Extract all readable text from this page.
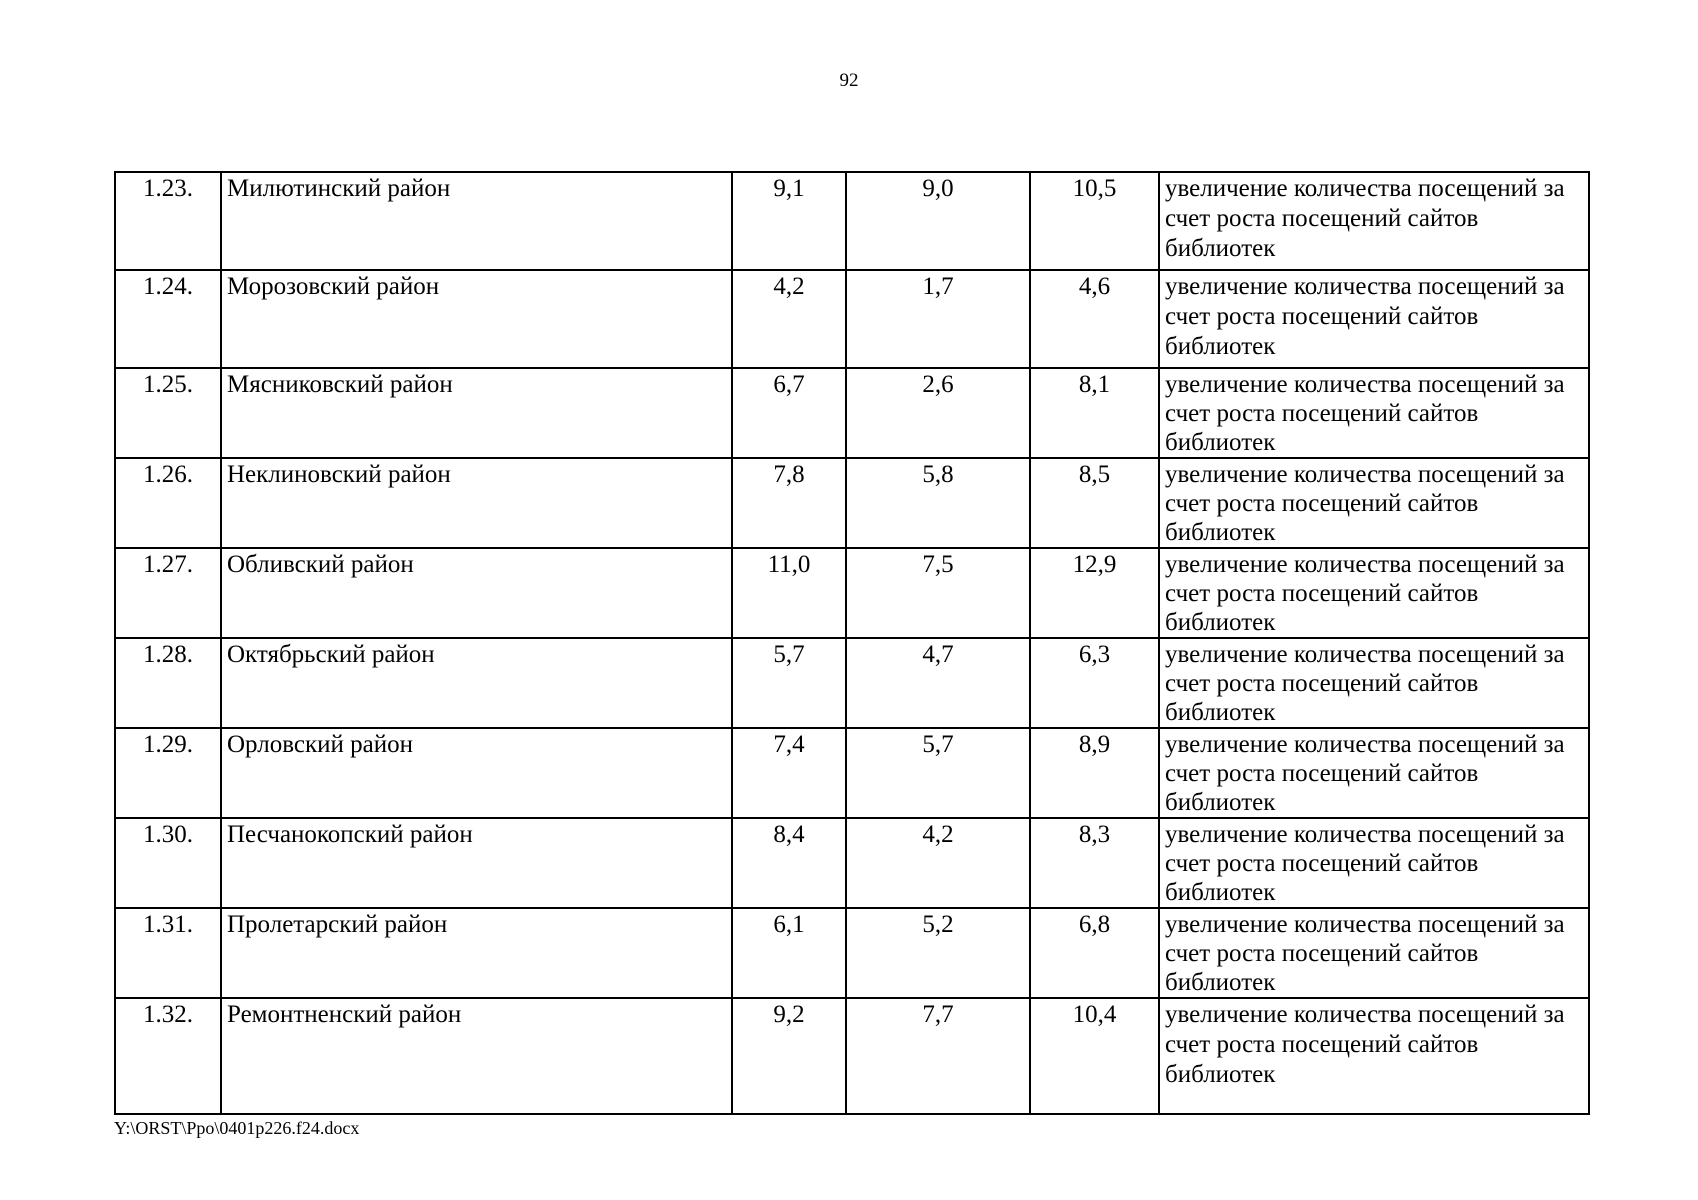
92
1.23.	Милютинский район	9,1	9,0	10,5	увеличение количества посещений за счет роста посещений сайтов библиотек
1.24.	Морозовский район	4,2	1,7	4,6	увеличение количества посещений за счет роста посещений сайтов библиотек
1.25.	Мясниковский район	6,7	2,6	8,1	увеличение количества посещений за счет роста посещений сайтов библиотек
1.26.	Неклиновский район	7,8	5,8	8,5	увеличение количества посещений за счет роста посещений сайтов библиотек
1.27.	Обливский район	11,0	7,5	12,9	увеличение количества посещений за счет роста посещений сайтов библиотек
1.28.	Октябрьский район	5,7	4,7	6,3	увеличение количества посещений за счет роста посещений сайтов библиотек
1.29.	Орловский район	7,4	5,7	8,9	увеличение количества посещений за счет роста посещений сайтов библиотек
1.30.	Песчанокопский район	8,4	4,2	8,3	увеличение количества посещений за счет роста посещений сайтов библиотек
1.31.	Пролетарский район	6,1	5,2	6,8	увеличение количества посещений за счет роста посещений сайтов библиотек
1.32.	Ремонтненский район	9,2	7,7	10,4	увеличение количества посещений за счет роста посещений сайтов библиотек
Y:\ORST\Ppo\0401p226.f24.docx
